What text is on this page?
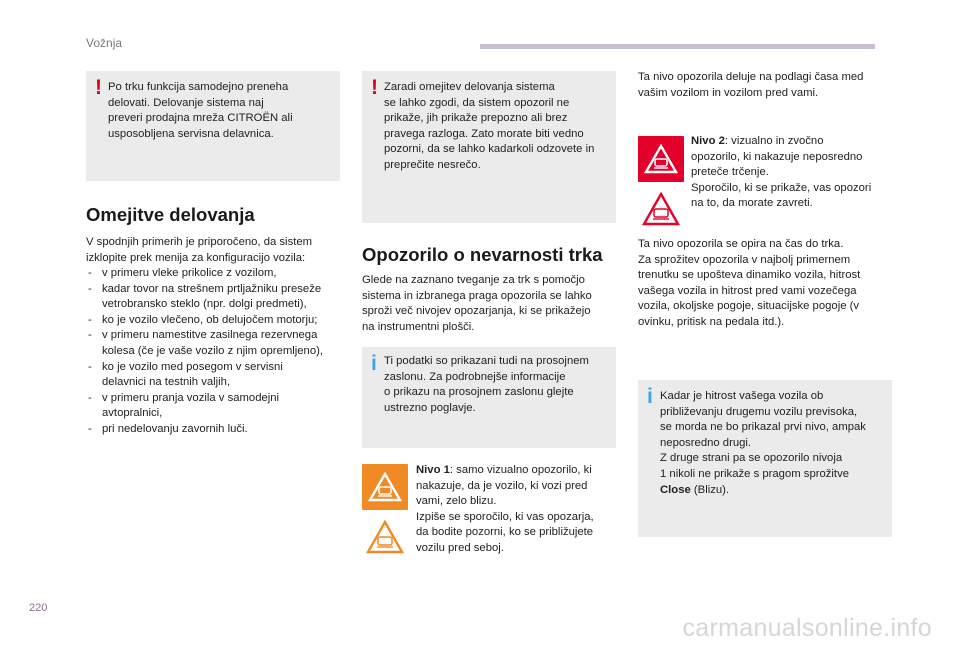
Vožnja
! Po trku funkcija samodejno preneha
delovati. Delovanje sistema naj
preveri prodajna mreža CITROËN ali
usposobljena servisna delavnica.
Omejitve delovanja
V spodnjih primerih je priporočeno, da sistem
izklopite prek menija za konfiguracijo vozila:
- v primeru vleke prikolice z vozilom,
- kadar tovor na strešnem prtljažniku preseže
vetrobransko steklo (npr. dolgi predmeti),
- ko je vozilo vlečeno, ob delujočem motorju;
- v primeru namestitve zasilnega rezervnega
kolesa (če je vaše vozilo z njim opremljeno),
- ko je vozilo med posegom v servisni
delavnici na testnih valjih,
- v primeru pranja vozila v samodejni
avtopralnici,
- pri nedelovanju zavornih luči.
! Zaradi omejitev delovanja sistema
se lahko zgodi, da sistem opozoril ne
prikaže, jih prikaže prepozno ali brez
pravega razloga. Zato morate biti vedno
pozorni, da se lahko kadarkoli odzovete in
preprečite nesrečo.
Opozorilo o nevarnosti trka
Glede na zaznano tveganje za trk s pomočjo
sistema in izbranega praga opozorila se lahko
sproži več nivojev opozarjanja, ki se prikažejo
na instrumentni plošči.
i Ti podatki so prikazani tudi na prosojnem
zaslonu. Za podrobnejše informacije
o prikazu na prosojnem zaslonu glejte
ustrezno poglavje.
Nivo 1: samo vizualno opozorilo, ki
nakazuje, da je vozilo, ki vozi pred
vami, zelo blizu.
Izpiše se sporočilo, ki vas opozarja,
da bodite pozorni, ko se približujete
vozilu pred seboj.
Ta nivo opozorila deluje na podlagi časa med
vašim vozilom in vozilom pred vami.
Nivo 2: vizualno in zvočno
opozorilo, ki nakazuje neposredno
preteče trčenje.
Sporočilo, ki se prikaže, vas opozori
na to, da morate zavreti.
Ta nivo opozorila se opira na čas do trka.
Za sprožitev opozorila v najbolj primernem
trenutku se upošteva dinamiko vozila, hitrost
vašega vozila in hitrost pred vami vozečega
vozila, okoljske pogoje, situacijske pogoje (v
ovinku, pritisk na pedala itd.).
i Kadar je hitrost vašega vozila ob
približevanju drugemu vozilu previsoka,
se morda ne bo prikazal prvi nivo, ampak
neposredno drugi.
Z druge strani pa se opozorilo nivoja
1 nikoli ne prikaže s pragom sprožitve
Close (Blizu).
220
carmanualsonline.info
